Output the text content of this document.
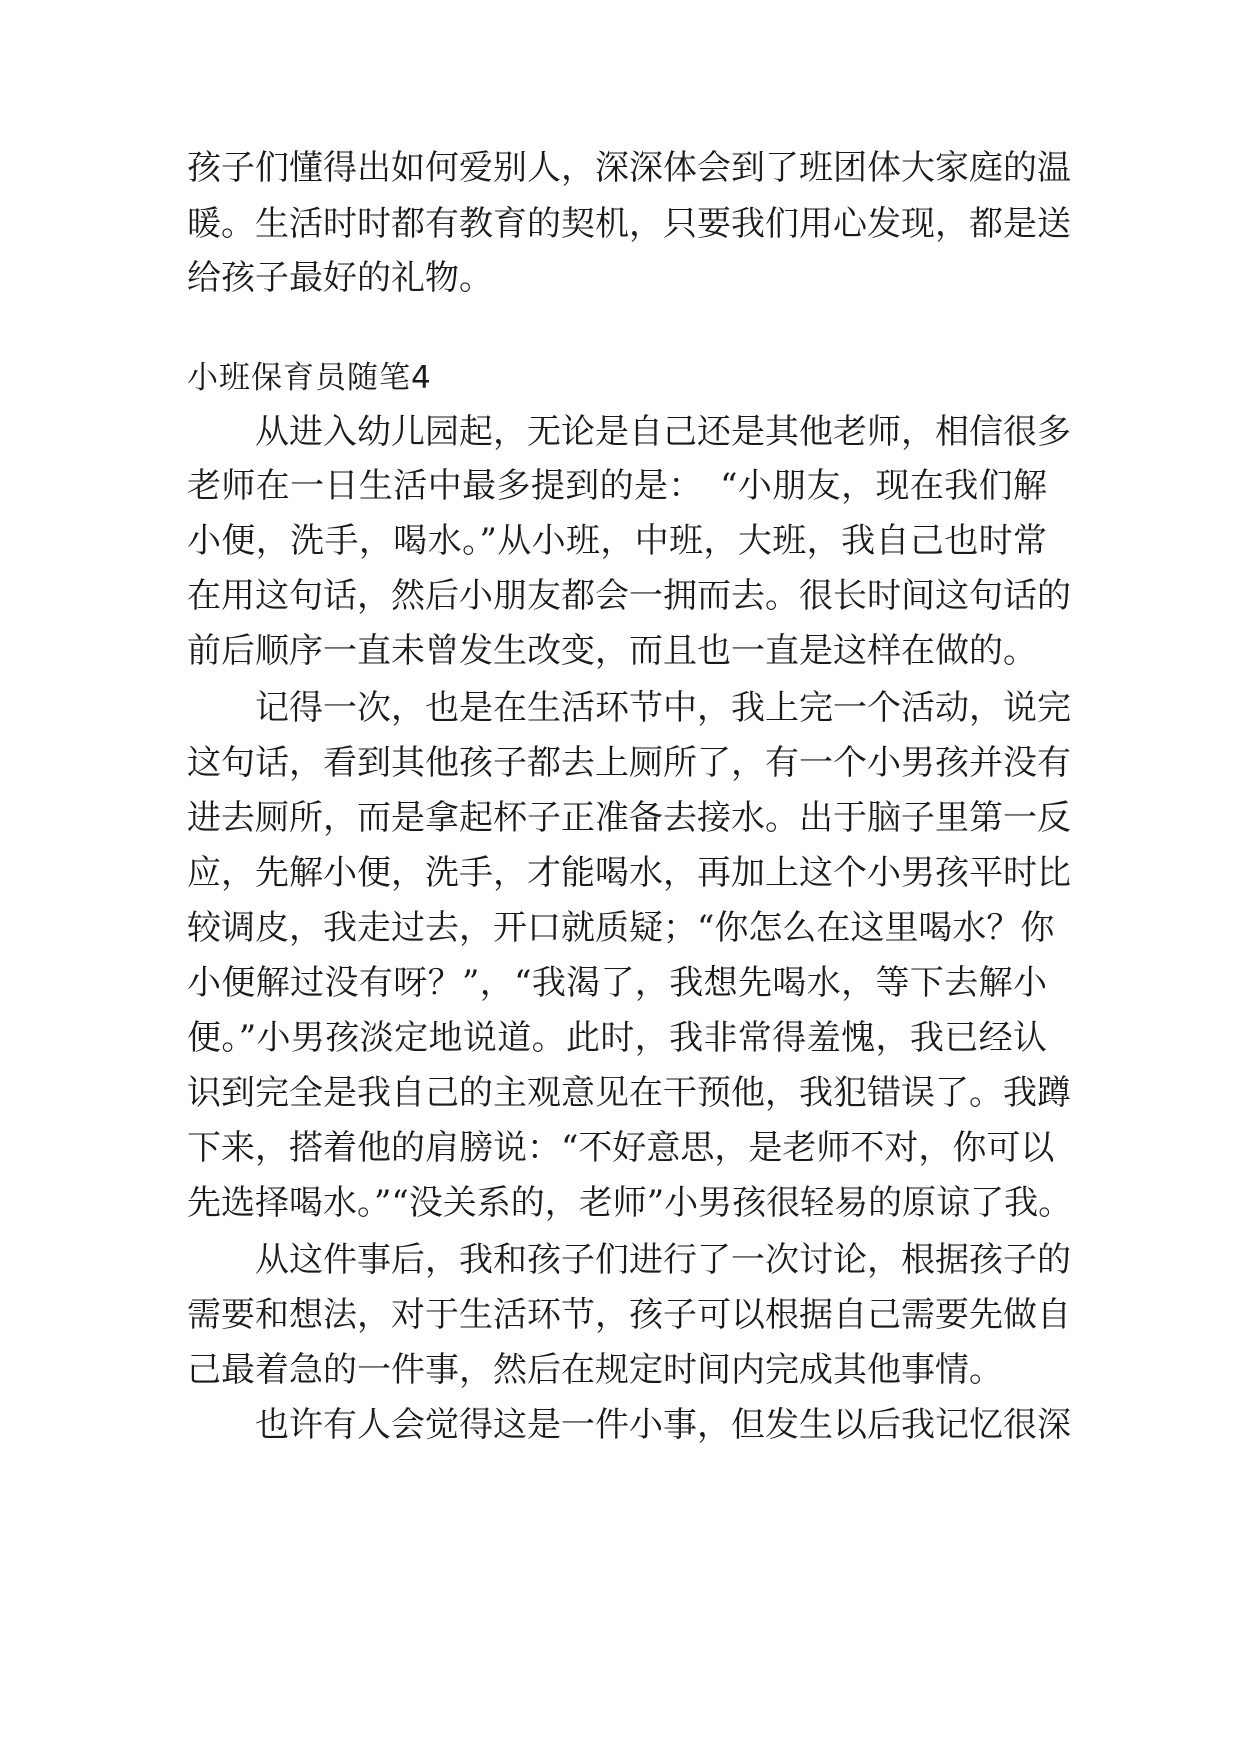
孩子们懂得出如何爱别人，深深体会到了班团体大家庭的温
暖。生活时时都有教育的契机，只要我们用心发现，都是送
给孩子最好的礼物。
小班保育员随笔4
从进入幼儿园起，无论是自己还是其他老师，相信很多
老师在一日生活中最多提到的是：　“小朋友，现在我们解
小便，洗手，喝水。”从小班，中班，大班，我自己也时常
在用这句话，然后小朋友都会一拥而去。很长时间这句话的
前后顺序一直未曾发生改变，而且也一直是这样在做的。
记得一次，也是在生活环节中，我上完一个活动，说完
这句话，看到其他孩子都去上厕所了，有一个小男孩并没有
进去厕所，而是拿起杯子正准备去接水。出于脑子里第一反
应，先解小便，洗手，才能喝水，再加上这个小男孩平时比
较调皮，我走过去，开口就质疑；“你怎么在这里喝水？你
小便解过没有呀？”，“我渴了，我想先喝水，等下去解小
便。”小男孩淡定地说道。此时，我非常得羞愧，我已经认
识到完全是我自己的主观意见在干预他，我犯错误了。我蹲
下来，搭着他的肩膀说：“不好意思，是老师不对，你可以
先选择喝水。”“没关系的，老师”小男孩很轻易的原谅了我。
从这件事后，我和孩子们进行了一次讨论，根据孩子的
需要和想法，对于生活环节，孩子可以根据自己需要先做自
己最着急的一件事，然后在规定时间内完成其他事情。
也许有人会觉得这是一件小事，但发生以后我记忆很深
